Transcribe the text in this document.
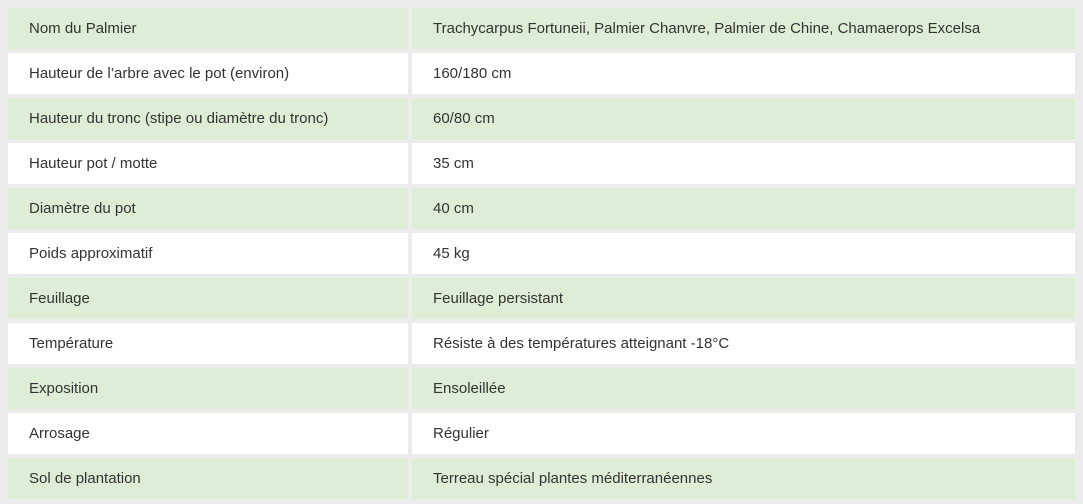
Nom du Palmier	Trachycarpus Fortuneii, Palmier Chanvre, Palmier de Chine, Chamaerops Excelsa
Hauteur de l’arbre avec le pot (environ)	160/180 cm
Hauteur du tronc (stipe ou diamètre du tronc)	60/80 cm
Hauteur pot / motte	35 cm
Diamètre du pot	40 cm
Poids approximatif	45 kg
Feuillage	Feuillage persistant
Température	Résiste à des températures atteignant -18°C
Exposition	Ensoleillée
Arrosage	Régulier
Sol de plantation	Terreau spécial plantes méditerranéennes
